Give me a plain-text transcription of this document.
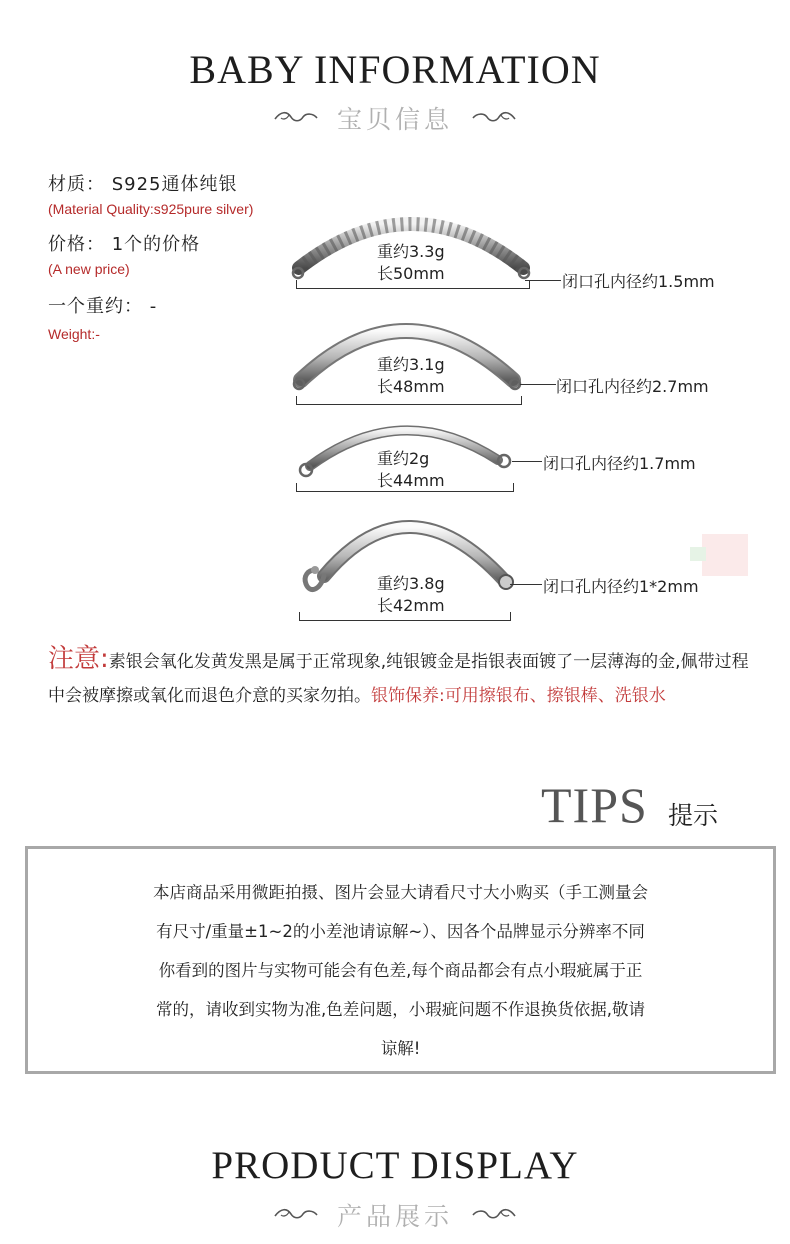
BABY INFORMATION
宝贝信息
材质： S925通体纯银
(Material Quality:s925pure silver)
价格： 1个的价格
(A new price)
一个重约： -
Weight:-
重约3.3g
长50mm	闭口孔内径约1.5mm
重约3.1g
长48mm	闭口孔内径约2.7mm
重约2g
长44mm
闭口孔内径约1.7mm
重约3.8g
长42mm
闭口孔内径约1*2mm
注意:素银会氧化发黄发黑是属于正常现象,纯银镀金是指银表面镀了一层薄海的金,佩带过程中会被摩擦或氧化而退色介意的买家勿拍。银饰保养:可用擦银布、擦银棒、洗银水
TIPS 提示
本店商品采用微距拍摄、图片会显大请看尺寸大小购买（手工测量会
有尺寸/重量±1~2的小差池请谅解~）、因各个品牌显示分辨率不同
你看到的图片与实物可能会有色差,每个商品都会有点小瑕疵属于正
常的，请收到实物为准,色差问题，小瑕疵问题不作退换货依据,敬请
谅解!
PRODUCT DISPLAY
产品展示
